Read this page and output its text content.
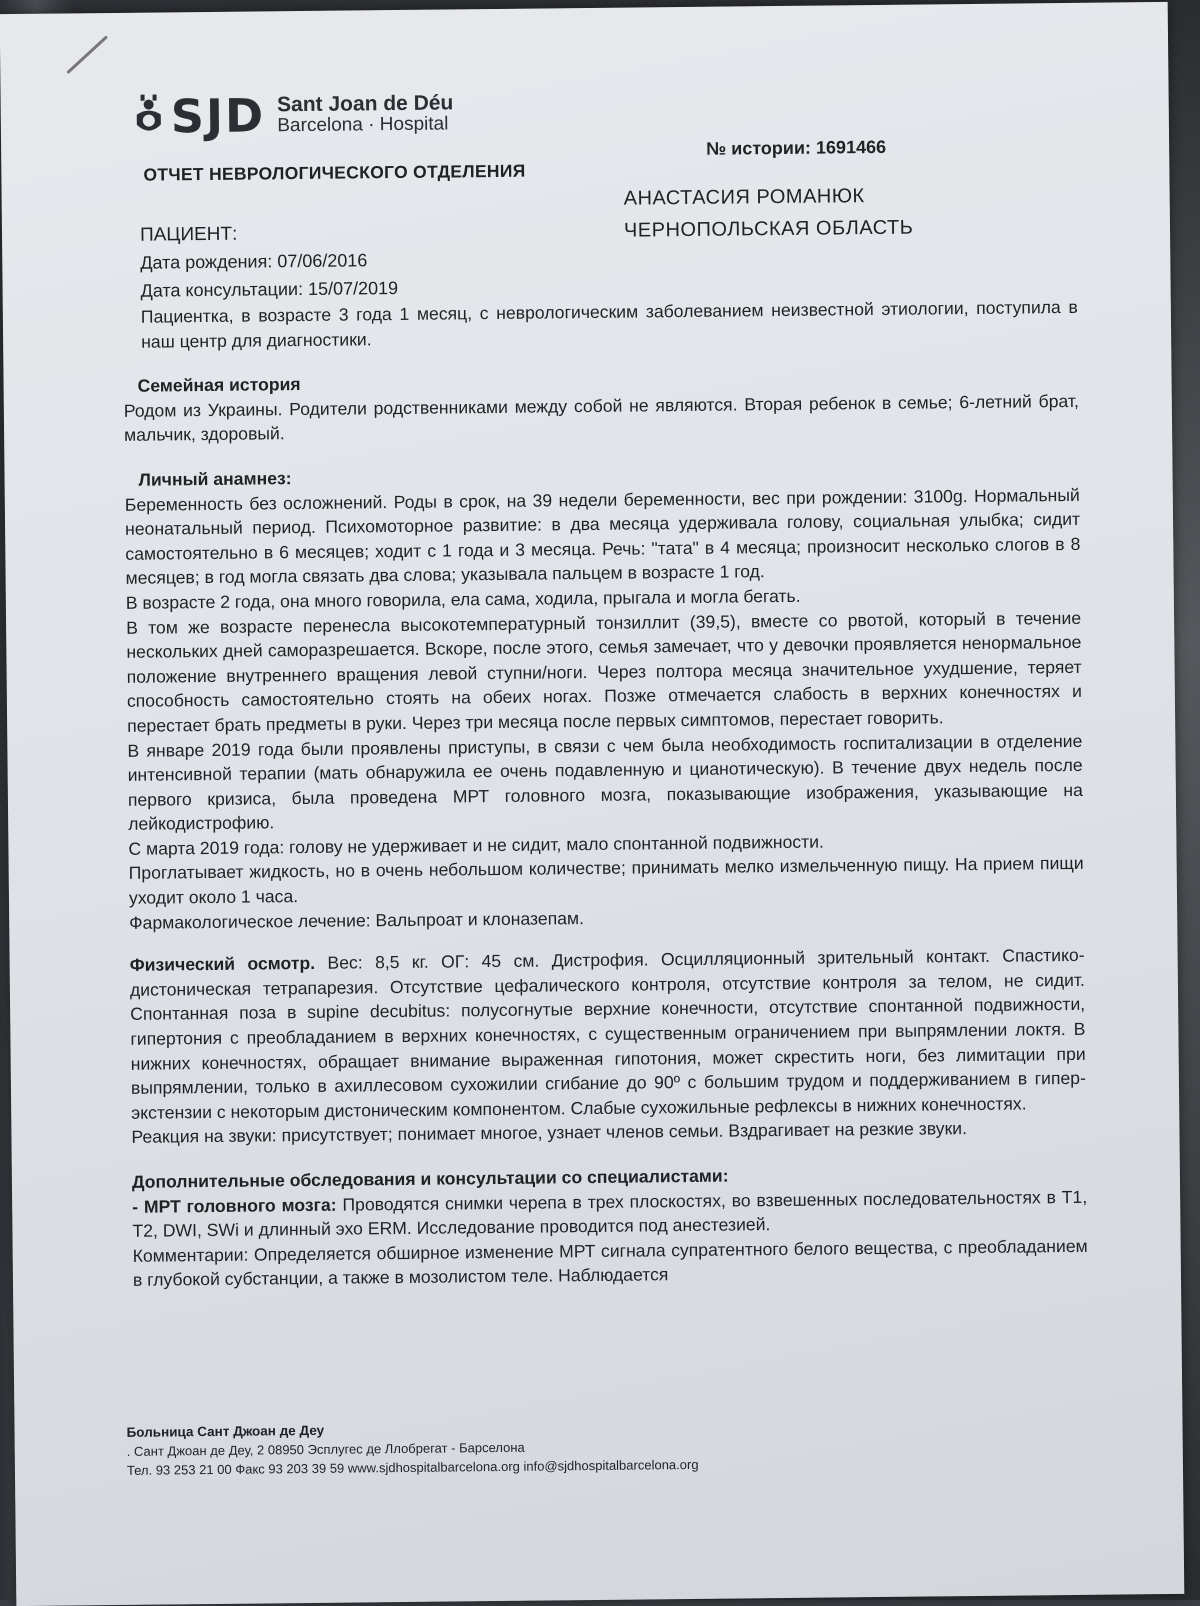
SJD Sant Joan de Déu
Barcelona · Hospital
№ истории: 1691466
ОТЧЕТ НЕВРОЛОГИЧЕСКОГО ОТДЕЛЕНИЯ
АНАСТАСИЯ РОМАНЮК
ЧЕРНОПОЛЬСКАЯ ОБЛАСТЬ
ПАЦИЕНТ:
Дата рождения: 07/06/2016
Дата консультации: 15/07/2019

Пациентка, в возрасте 3 года 1 месяц, с неврологическим заболеванием неизвестной этиологии, поступила в наш центр для диагностики.

Семейная история

Родом из Украины. Родители родственниками между собой не являются. Вторая ребенок в семье; 6-летний брат, мальчик, здоровый.

Личный анамнез:

Беременность без осложнений. Роды в срок, на 39 недели беременности, вес при рождении: 3100g. Нормальный неонатальный период. Психомоторное развитие: в два месяца удерживала голову, социальная улыбка; сидит самостоятельно в 6 месяцев; ходит с 1 года и 3 месяца. Речь: "тата" в 4 месяца; произносит несколько слогов в 8 месяцев; в год могла связать два слова; указывала пальцем в возрасте 1 год.

В возрасте 2 года, она много говорила, ела сама, ходила, прыгала и могла бегать.

В том же возрасте перенесла высокотемпературный тонзиллит (39,5), вместе со рвотой, который в течение нескольких дней саморазрешается. Вскоре, после этого, семья замечает, что у девочки проявляется ненормальное положение внутреннего вращения левой ступни/ноги. Через полтора месяца значительное ухудшение, теряет способность самостоятельно стоять на обеих ногах. Позже отмечается слабость в верхних конечностях и перестает брать предметы в руки. Через три месяца после первых симптомов, перестает говорить.

В январе 2019 года были проявлены приступы, в связи с чем была необходимость госпитализации в отделение интенсивной терапии (мать обнаружила ее очень подавленную и цианотическую). В течение двух недель после первого кризиса, была проведена МРТ головного мозга, показывающие изображения, указывающие на лейкодистрофию.

С марта 2019 года: голову не удерживает и не сидит, мало спонтанной подвижности.

Проглатывает жидкость, но в очень небольшом количестве; принимать мелко измельченную пищу. На прием пищи уходит около 1 часа.

Фармакологическое лечение: Вальпроат и клоназепам.

Физический осмотр. Вес: 8,5 кг. ОГ: 45 см. Дистрофия. Осцилляционный зрительный контакт. Спастико-дистоническая тетрапарезия. Отсутствие цефалического контроля, отсутствие контроля за телом, не сидит. Спонтанная поза в supine decubitus: полусогнутые верхние конечности, отсутствие спонтанной подвижности, гипертония с преобладанием в верхних конечностях, с существенным ограничением при выпрямлении локтя. В нижних конечностях, обращает внимание выраженная гипотония, может скрестить ноги, без лимитации при выпрямлении, только в ахиллесовом сухожилии сгибание до 90º с большим трудом и поддерживанием в гипер-экстензии с некоторым дистоническим компонентом. Слабые сухожильные рефлексы в нижних конечностях.

Реакция на звуки: присутствует; понимает многое, узнает членов семьи. Вздрагивает на резкие звуки.

Дополнительные обследования и консультации со специалистами:

- МРТ головного мозга: Проводятся снимки черепа в трех плоскостях, во взвешенных последовательностях в T1, T2, DWI, SWi и длинный эхо ERM. Исследование проводится под анестезией.

Комментарии: Определяется обширное изменение МРТ сигнала супратентного белого вещества, с преобладанием в глубокой субстанции, а также в мозолистом теле. Наблюдается

Больница Сант Джоан де Деу
. Сант Джоан де Деу, 2 08950 Эсплугес де Ллобрегат - Барселона
Тел. 93 253 21 00 Факс 93 203 39 59 www.sjdhospitalbarcelona.org info@sjdhospitalbarcelona.org
